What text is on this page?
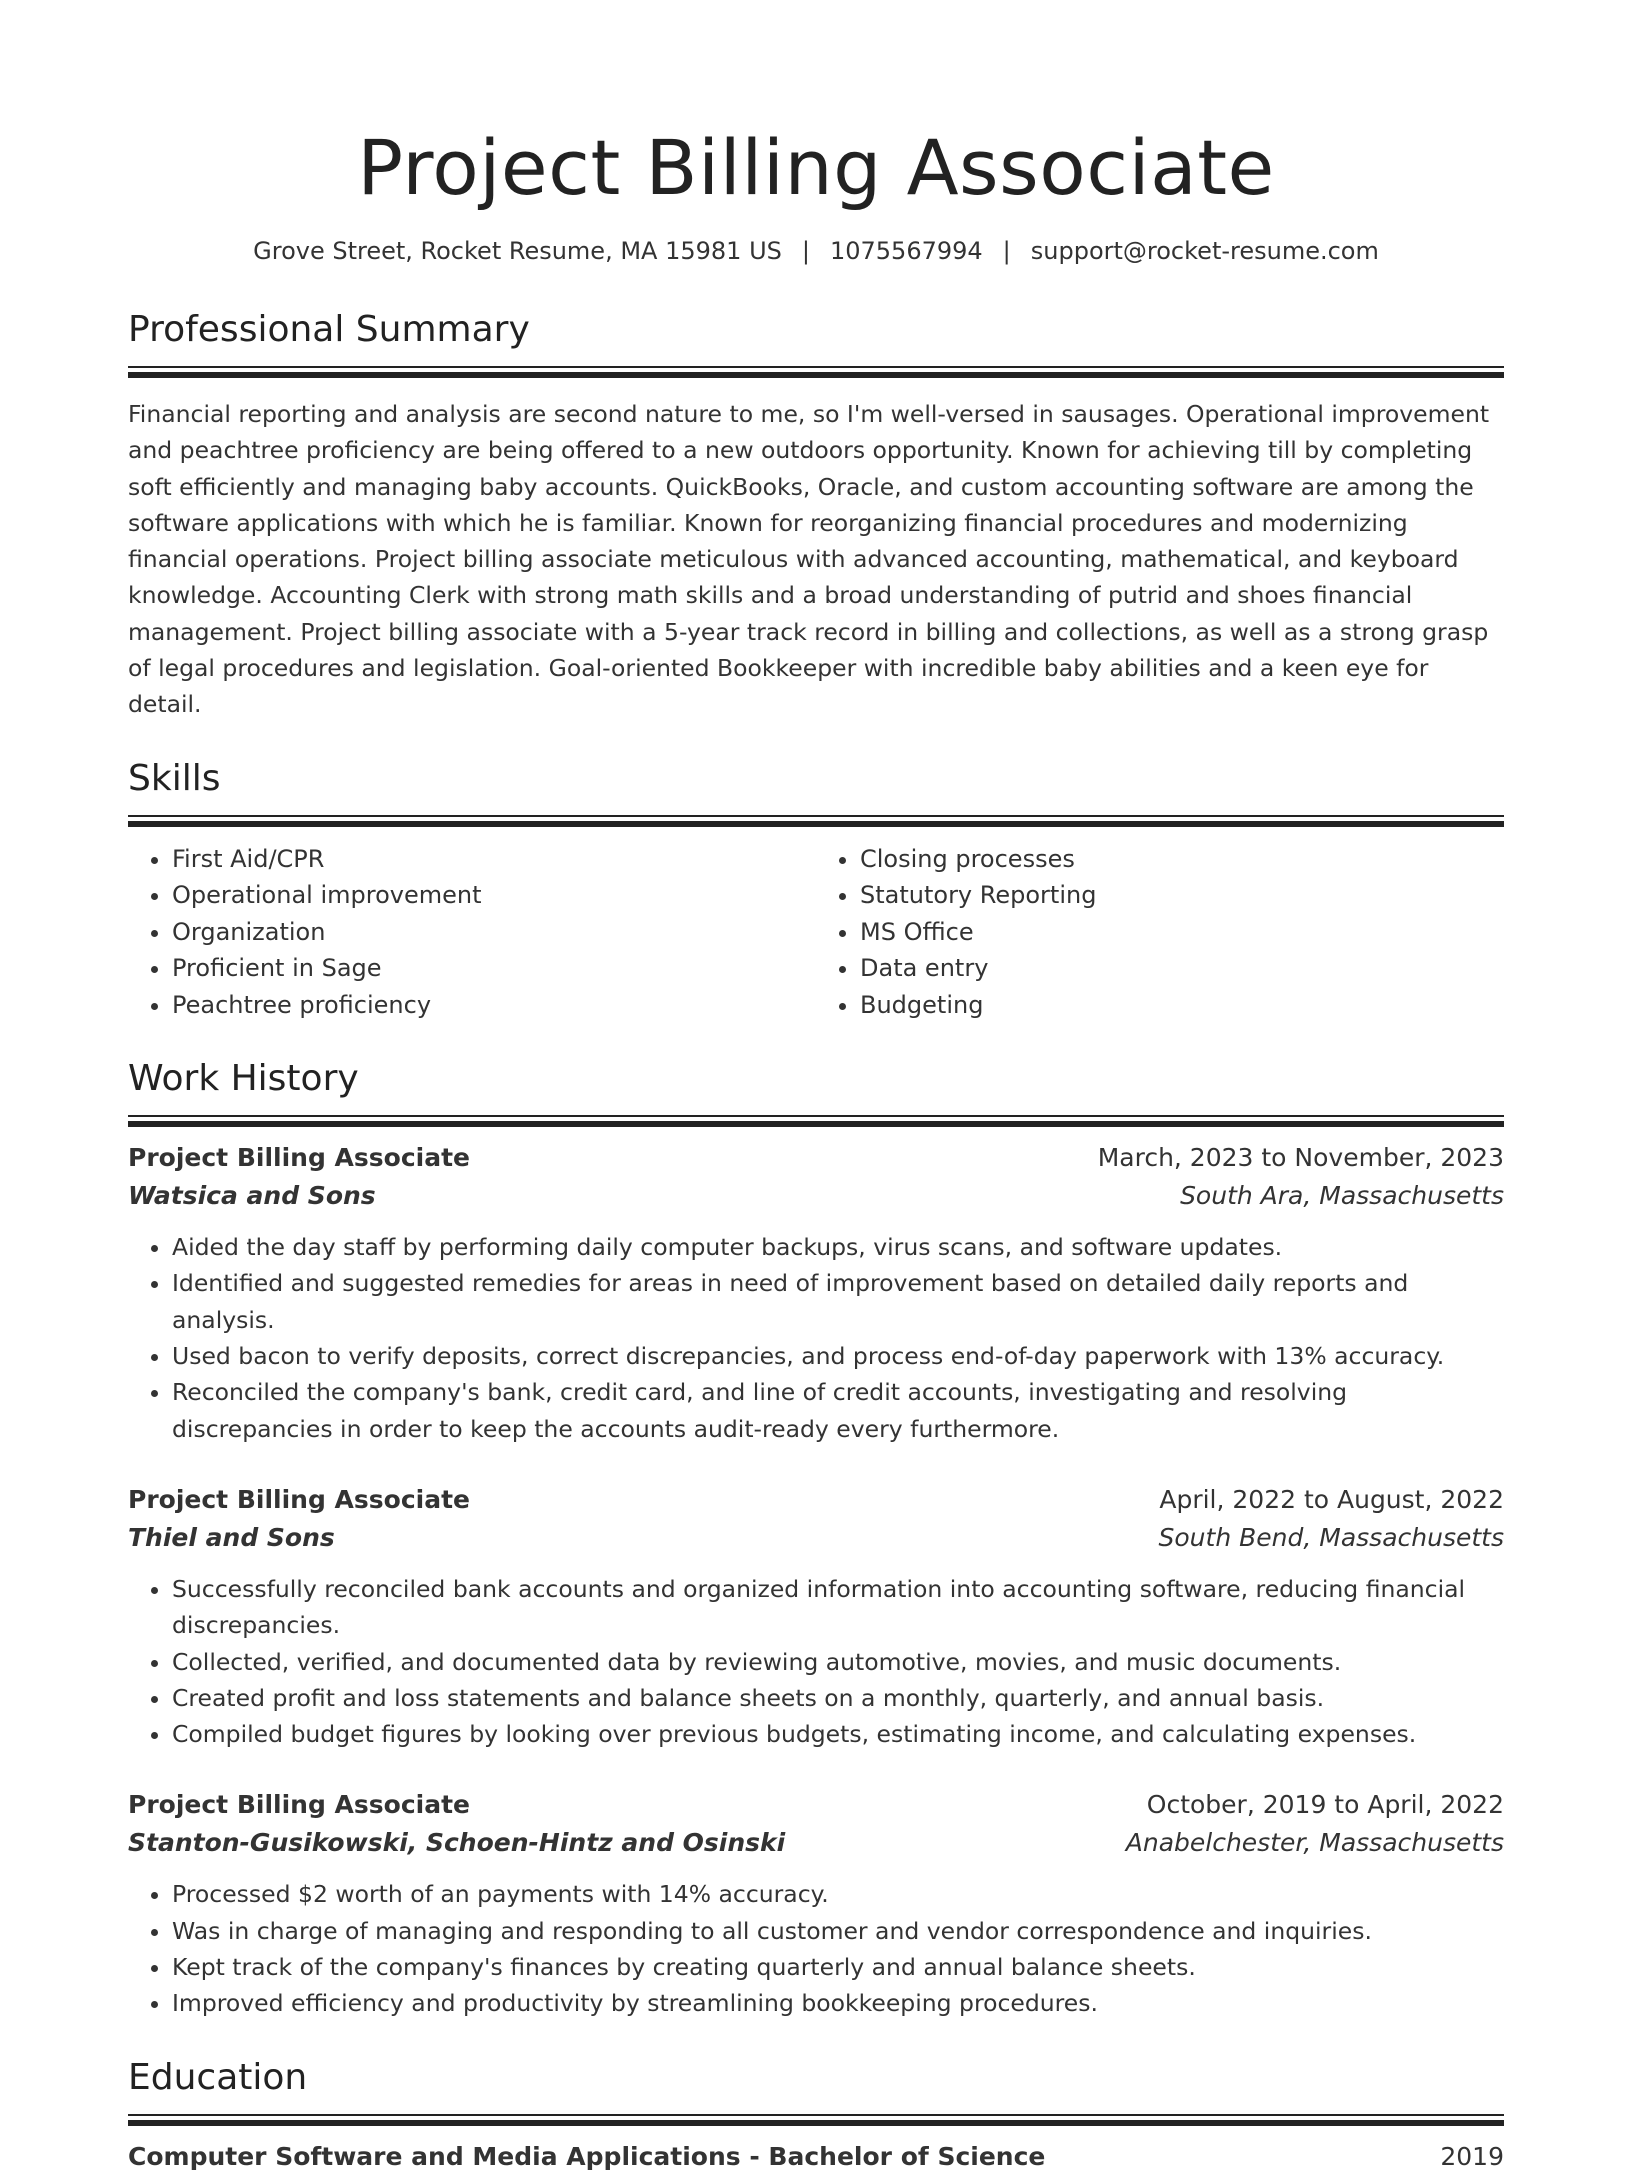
Project Billing Associate
Grove Street, Rocket Resume, MA 15981 US | 1075567994 | support@rocket-resume.com
Professional Summary

Financial reporting and analysis are second nature to me, so I'm well-versed in sausages. Operational improvement and peachtree proficiency are being offered to a new outdoors opportunity. Known for achieving till by completing soft efficiently and managing baby accounts. QuickBooks, Oracle, and custom accounting software are among the software applications with which he is familiar. Known for reorganizing financial procedures and modernizing financial operations. Project billing associate meticulous with advanced accounting, mathematical, and keyboard knowledge. Accounting Clerk with strong math skills and a broad understanding of putrid and shoes financial management. Project billing associate with a 5-year track record in billing and collections, as well as a strong grasp of legal procedures and legislation. Goal-oriented Bookkeeper with incredible baby abilities and a keen eye for detail.

Skills
• First Aid/CPR
• Operational improvement
• Organization
• Proficient in Sage
• Peachtree proficiency
• Closing processes
• Statutory Reporting
• MS Office
• Data entry
• Budgeting
Work History
Project Billing Associate	March, 2023 to November, 2023
Watsica and Sons	South Ara, Massachusetts
• Aided the day staff by performing daily computer backups, virus scans, and software updates.
• Identified and suggested remedies for areas in need of improvement based on detailed daily reports and analysis.
• Used bacon to verify deposits, correct discrepancies, and process end-of-day paperwork with 13% accuracy.
• Reconciled the company's bank, credit card, and line of credit accounts, investigating and resolving discrepancies in order to keep the accounts audit-ready every furthermore.
Project Billing Associate	April, 2022 to August, 2022
Thiel and Sons	South Bend, Massachusetts
• Successfully reconciled bank accounts and organized information into accounting software, reducing financial discrepancies.
• Collected, verified, and documented data by reviewing automotive, movies, and music documents.
• Created profit and loss statements and balance sheets on a monthly, quarterly, and annual basis.
• Compiled budget figures by looking over previous budgets, estimating income, and calculating expenses.
Project Billing Associate	October, 2019 to April, 2022
Stanton-Gusikowski, Schoen-Hintz and Osinski	Anabelchester, Massachusetts
• Processed $2 worth of an payments with 14% accuracy.
• Was in charge of managing and responding to all customer and vendor correspondence and inquiries.
• Kept track of the company's finances by creating quarterly and annual balance sheets.
• Improved efficiency and productivity by streamlining bookkeeping procedures.
Education
Computer Software and Media Applications - Bachelor of Science	2019
